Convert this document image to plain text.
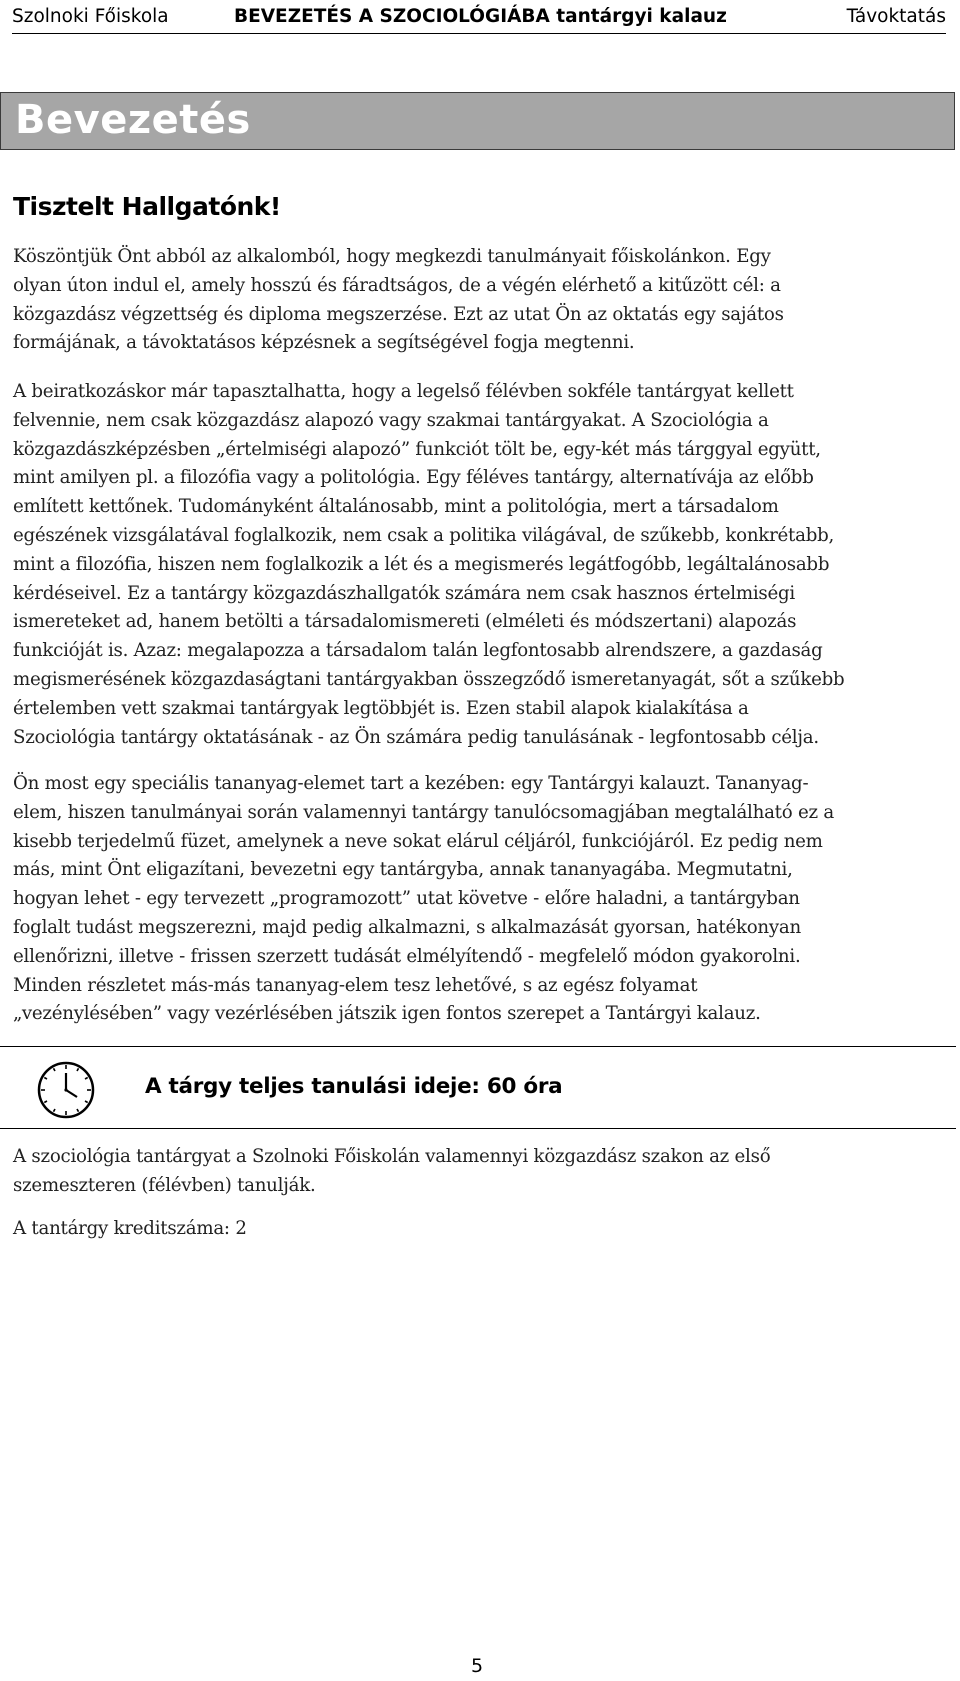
Szolnoki Főiskola	BEVEZETÉS A SZOCIOLÓGIÁBA tantárgyi kalauz	Távoktatás
Bevezetés
Tisztelt Hallgatónk!
Köszöntjük Önt abból az alkalomból, hogy megkezdi tanulmányait főiskolánkon. Egy
olyan úton indul el, amely hosszú és fáradtságos, de a végén elérhető a kitűzött cél: a
közgazdász végzettség és diploma megszerzése. Ezt az utat Ön az oktatás egy sajátos
formájának, a távoktatásos képzésnek a segítségével fogja megtenni.
A beiratkozáskor már tapasztalhatta, hogy a legelső félévben sokféle tantárgyat kellett
felvennie, nem csak közgazdász alapozó vagy szakmai tantárgyakat. A Szociológia a
közgazdászképzésben „értelmiségi alapozó” funkciót tölt be, egy-két más tárggyal együtt,
mint amilyen pl. a filozófia vagy a politológia. Egy féléves tantárgy, alternatívája az előbb
említett kettőnek. Tudományként általánosabb, mint a politológia, mert a társadalom
egészének vizsgálatával foglalkozik, nem csak a politika világával, de szűkebb, konkrétabb,
mint a filozófia, hiszen nem foglalkozik a lét és a megismerés legátfogóbb, legáltalánosabb
kérdéseivel. Ez a tantárgy közgazdászhallgatók számára nem csak hasznos értelmiségi
ismereteket ad, hanem betölti a társadalomismereti (elméleti és módszertani) alapozás
funkcióját is. Azaz: megalapozza a társadalom talán legfontosabb alrendszere, a gazdaság
megismerésének közgazdaságtani tantárgyakban összegződő ismeretanyagát, sőt a szűkebb
értelemben vett szakmai tantárgyak legtöbbjét is. Ezen stabil alapok kialakítása a
Szociológia tantárgy oktatásának - az Ön számára pedig tanulásának - legfontosabb célja.
Ön most egy speciális tananyag-elemet tart a kezében: egy Tantárgyi kalauzt. Tananyag-
elem, hiszen tanulmányai során valamennyi tantárgy tanulócsomagjában megtalálható ez a
kisebb terjedelmű füzet, amelynek a neve sokat elárul céljáról, funkciójáról. Ez pedig nem
más, mint Önt eligazítani, bevezetni egy tantárgyba, annak tananyagába. Megmutatni,
hogyan lehet - egy tervezett „programozott” utat követve - előre haladni, a tantárgyban
foglalt tudást megszerezni, majd pedig alkalmazni, s alkalmazását gyorsan, hatékonyan
ellenőrizni, illetve - frissen szerzett tudását elmélyítendő - megfelelő módon gyakorolni.
Minden részletet más-más tananyag-elem tesz lehetővé, s az egész folyamat
„vezénylésében” vagy vezérlésében játszik igen fontos szerepet a Tantárgyi kalauz.

A tárgy teljes tanulási ideje: 60 óra

A szociológia tantárgyat a Szolnoki Főiskolán valamennyi közgazdász szakon az első
szemeszteren (félévben) tanulják.
A tantárgy kreditszáma: 2
5
